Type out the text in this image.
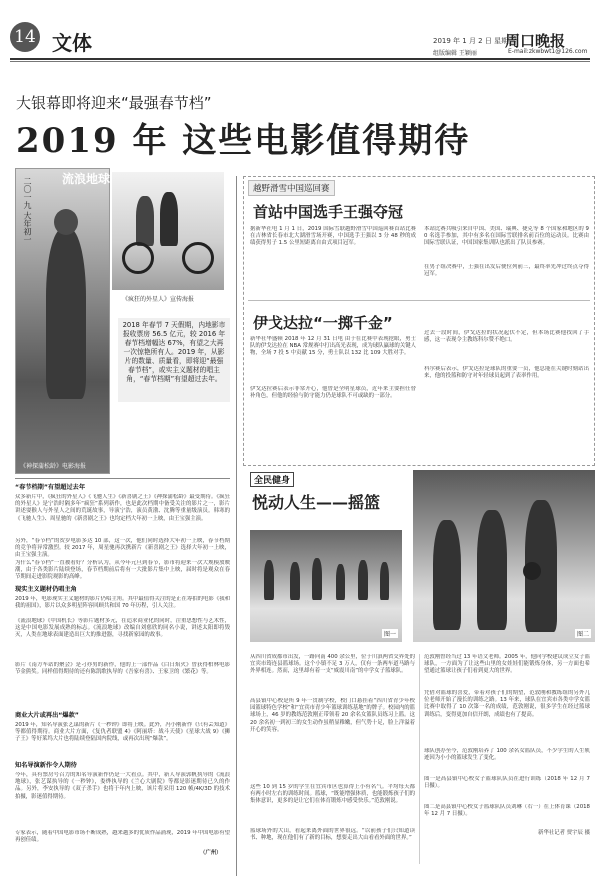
14 文体	2019 年 1 月 2 日 星期三
周口晚报
组版编辑 王颖丽	E-mail:zkwbwt1@126.com
大银幕即将迎来“最强春节档”
2019 年 这些电影值得期待
二〇一九 大年初一
《神探蒲松龄》电影海报
流浪地球
《疯狂的外星人》宣传海报
2018 年春节 7 天假期，内地影市报收票房 56.5 亿元，较 2016 年春节档增幅达 67%，有望之大再一次惊艳所有人。2019 年，从影片的数量、质量看，即将迎“最强春节档”，或实主义题材的唱主角，“春节档期”有望超过去年。
“春节档期”有望超过去年
众多新片中，《疯狂的外星人》《飞驰人生》《新喜剧之王》《神探蒲松龄》最受期待。《疯狂的外星人》是宁浩时隔多年“疯狂”系列新作，也是此次档期中备受关注的影片之一，影片讲述耍猴人与外星人之间的荒诞故事，导演宁浩，演员黄渤、沈腾等重量级演员。韩寒的《飞驰人生》、周星驰的《新喜剧之王》也均定档大年初一上映，由王宝强主演。
另外，“春节档”的贺岁电影多达 10 部，这一次，他们同时选择大年初一上映，春节档期的竞争将异常激烈。较 2017 年，周星驰再次携新片《新喜剧之王》选择大年初一上映，由王宝强主演。
为什么“春节档”一直被看好？分析认为，从今年元旦到春节，影市将迎来一次大规模放映潮，由于各类影片陆续登场，春节档期前后将有一大批影片集中上映，届时将是观众在春节期间走进影院观影的高峰。
现实主义题材仍唱主角
2019 年，电影现实主义题材的影片仍唱主角。其中最值得关注的是正在筹拍的电影《我和我的祖国》，影片以众多明星阵容回顾共和国 70 年历程，引人关注。
《流浪地球》《中国机长》等影片题材多元，在追求商业化的同时，注重思想性与艺术性，这是中国电影发展成熟的标志。《流浪地球》改编自刘慈欣的同名小说，讲述太阳即将毁灭，人类在地球表面建造出巨大的推进器，寻找新家园的故事。
影片《南方车站的聚会》是刁亦男的新作，他的上一部作品《白日焰火》曾获得柏林电影节金熊奖。同样值得期待的还有陈凯歌执导的《吾家有喜》、王家卫的《繁花》等。
商业大片或再出“爆款”
2019 年，知名导演张艺谋的新片《一秒钟》即将上映。此外，冯小刚新作《只有芸知道》等都值得期待。商业大片方面，《复仇者联盟 4》《阿丽塔：战斗天使》《星球大战 9》《狮子王》等好莱坞大片也将陆续登陆国内院线，或再次出现“爆款”。
知名导演新作令人期待
今年，具有票房号召力的知名导演新作仍是一大看点。其中，新人导演郭帆执导的《流浪地球》，张艺谋执导的《一秒钟》，娄烨执导的《兰心大剧院》等都是影迷期待已久的作品。另外，李安执导的《双子杀手》也将于年内上映，该片将采用 120 帧/4K/3D 的技术拍摄，影迷值得期待。
专家表示，随着中国电影市场不断成熟，越来越多的优质作品涌现，2019 年中国电影有望再创佳绩。
（广州）
越野滑雪中国巡回赛
首站中国选手王强夺冠
据新华社电 1 月 1 日，2019 国际雪联越野滑雪中国巡回赛首站比赛在吉林省长春市北大湖滑雪场开赛，中国选手王强以 3 分 48 秒的成绩获得男子 1.5 公里短距离自由式项目冠军。
本站比赛共吸引来自中国、美国、瑞典、捷克等 8 个国家和地区的 90 名选手参加，其中有多名在国际雪联排名前百位的运动员。比赛由国际雪联认证，中国国家集训队也派出了队员参赛。
在男子组决赛中，王强在出发后便位列前三，最终率先冲过终点夺得冠军。
伊戈达拉“一掷千金”
新华社华盛顿 2018 年 12 月 31 日电 由于在比赛中表现抢眼，勇士队的伊戈达拉在 NBA 常规赛中打出高光表现，成为球队赢球的关键人物，全场 7 投 5 中贡献 15 分，勇士队以 132 比 109 大胜对手。
伊戈达拉赛后表示非常开心，他曾是全明星球员，近年来主要担任替补角色，但他的经验与防守能力仍是球队不可或缺的一部分。
过去一段时间，伊戈达拉的状况起伏不定，但本场比赛他找回了手感，这一表现令主教练科尔赞不绝口。
科尔赛后表示，伊戈达拉是球队的重要一员，他总能在关键时刻站出来，他的投篮和防守对年轻球员起到了表率作用。
全民健身
悦动人生——摇篮
图一	图二
从四川省成都市出发，一路向南 400 余公里，位于川滇两省交界处的宜宾市筠连县篮球场。这个小镇不足 3 万人，仅有一条两车道马路与外界相连。然而，这里却有着一支“威震川南”的中学女子篮球队。
高县镇中心校是所 9 年一贯制学校，校门口悬挂着“四川省青少年校园篮球特色学校”和“宜宾市青少年篮球训练基地”的牌子。校园内的篮球场上，46 岁的教练范敦刚正带领着 20 余名女篮队员练习上篮。这 20 余名初一到初三的女生动作虽稍显稚嫩，但气势十足，脸上洋溢着开心的笑容。
这些 10 到 15 岁的学生在宜宾市区也算得上小有名气。平均每天都有两小时左右的训练时间。篮球，“既能增强体质，也能锻炼孩子们的集体意识，更多的是让它们在体育锻炼中感受快乐。”范敦刚说。
篮球场外的大山，看起来离外面的世界很远。“以前孩子们只知道读书、种地，现在他们有了新的目标，想要走出大山看看外面的世界。”
范敦刚曾经当过 13 年语文老师。2005 年，他向学校建议成立女子篮球队，一方面为了让这些山里的女娃娃们能锻炼身体，另一方面也希望通过篮球让孩子们看到更大的世界。
凭借对篮球的喜爱，带着对孩子们的期望，范敦刚和教练组的另外几位老师开始了漫长的训练之路。13 年来，球队在宜宾市各类中学女篮比赛中取得了 10 次第一名的成绩，范敦刚说，很多学生在经过篮球训练后，变得更加自信开朗，成绩也有了提高。
球队创办至今，范敦刚培养了 100 余名女篮队员，不少学生的人生轨迹因为小小的篮球发生了变化。
图一是高县镇中心校女子篮球队队员在进行训练（2018 年 12 月 7 日摄）。
图二是高县镇中心校女子篮球队队员刘琳（右一）在上体育课（2018 年 12 月 7 日摄）。
新华社记者 贾宇辰 摄
